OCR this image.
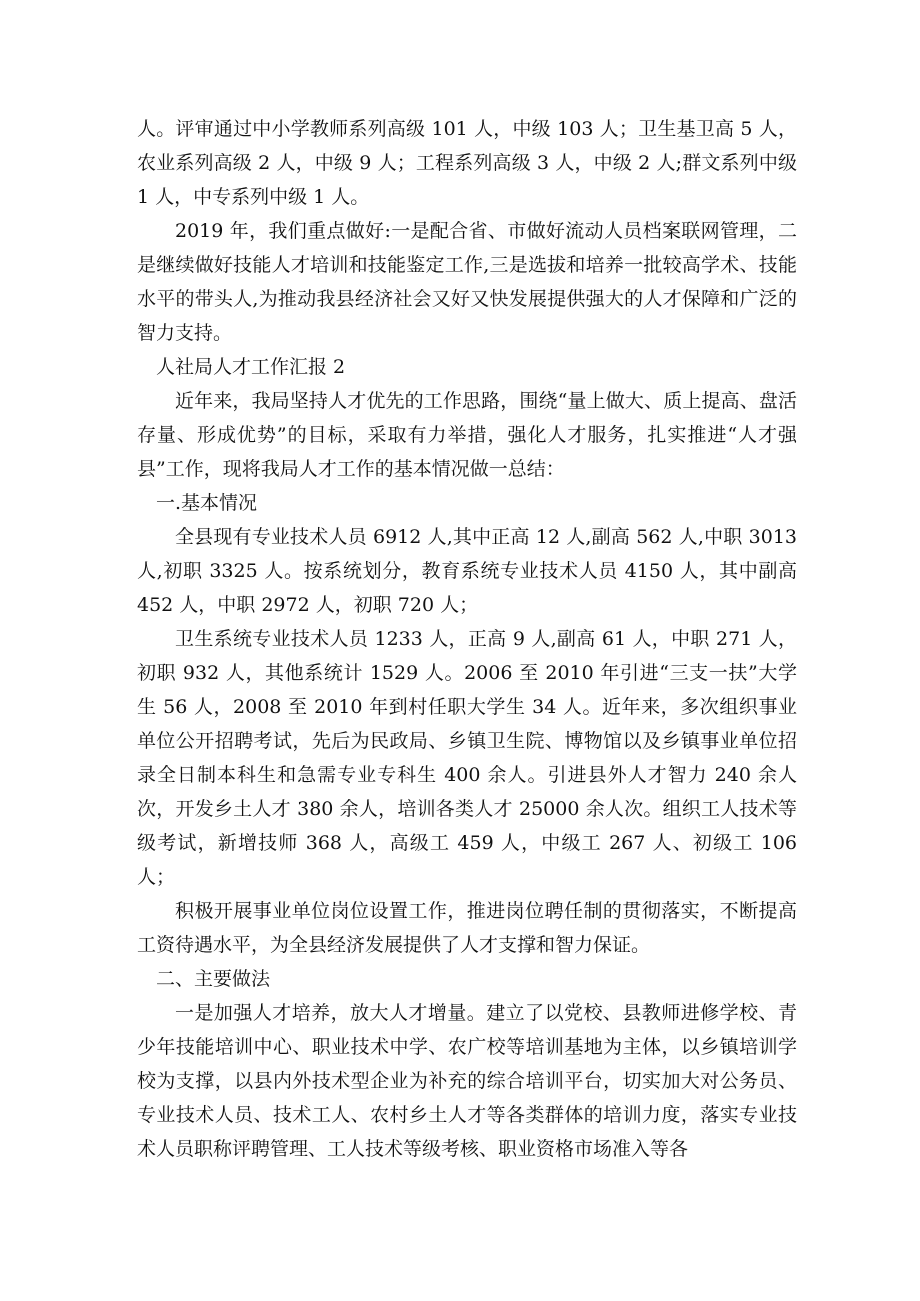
人。评审通过中小学教师系列高级 101 人，中级 103 人；卫生基卫高 5 人，农业系列高级 2 人，中级 9 人；工程系列高级 3 人，中级 2 人;群文系列中级 1 人，中专系列中级 1 人。

2019 年，我们重点做好:一是配合省、市做好流动人员档案联网管理，二是继续做好技能人才培训和技能鉴定工作,三是选拔和培养一批较高学术、技能水平的带头人,为推动我县经济社会又好又快发展提供强大的人才保障和广泛的智力支持。

人社局人才工作汇报 2

近年来，我局坚持人才优先的工作思路，围绕“量上做大、质上提高、盘活存量、形成优势”的目标，采取有力举措，强化人才服务，扎实推进“人才强县”工作，现将我局人才工作的基本情况做一总结：

一.基本情况

全县现有专业技术人员 6912 人,其中正高 12 人,副高 562 人,中职 3013 人,初职 3325 人。按系统划分，教育系统专业技术人员 4150 人，其中副高 452 人，中职 2972 人，初职 720 人；

卫生系统专业技术人员 1233 人，正高 9 人,副高 61 人，中职 271 人，初职 932 人，其他系统计 1529 人。2006 至 2010 年引进“三支一扶”大学生 56 人，2008 至 2010 年到村任职大学生 34 人。近年来，多次组织事业单位公开招聘考试，先后为民政局、乡镇卫生院、博物馆以及乡镇事业单位招录全日制本科生和急需专业专科生 400 余人。引进县外人才智力 240 余人次，开发乡土人才 380 余人，培训各类人才 25000 余人次。组织工人技术等级考试，新增技师 368 人，高级工 459 人，中级工 267 人、初级工 106 人；

积极开展事业单位岗位设置工作，推进岗位聘任制的贯彻落实，不断提高工资待遇水平，为全县经济发展提供了人才支撑和智力保证。

二、主要做法

一是加强人才培养，放大人才增量。建立了以党校、县教师进修学校、青少年技能培训中心、职业技术中学、农广校等培训基地为主体，以乡镇培训学校为支撑，以县内外技术型企业为补充的综合培训平台，切实加大对公务员、专业技术人员、技术工人、农村乡土人才等各类群体的培训力度，落实专业技术人员职称评聘管理、工人技术等级考核、职业资格市场准入等各
